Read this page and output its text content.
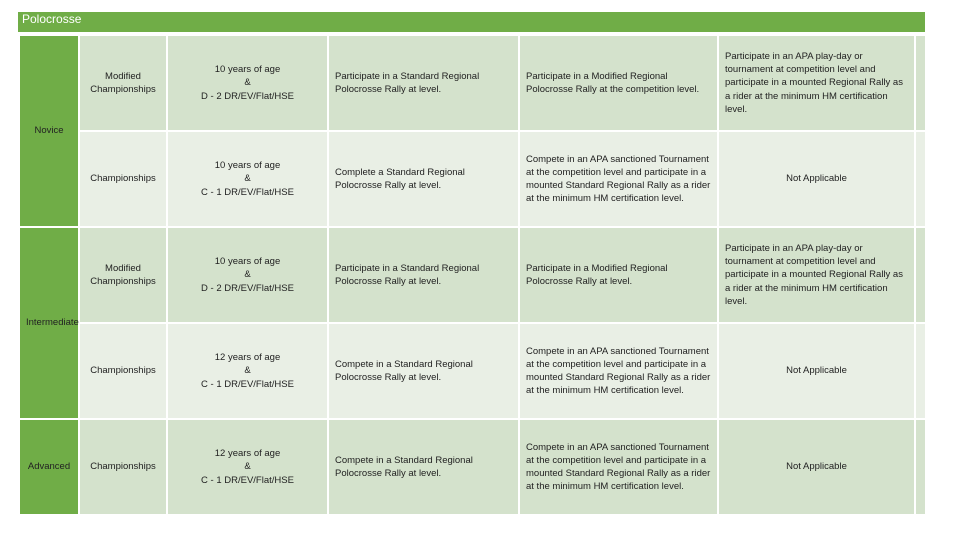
Polocrosse
Novice	Modified Championships	10 years of age
&
D - 2 DR/EV/Flat/HSE	Participate in a Standard Regional Polocrosse Rally at level.	Participate in a Modified Regional Polocrosse Rally at the competition level.	Participate in an APA play-day or tournament at competition level and participate in a mounted Regional Rally as a rider at the minimum HM certification level.	
	Championships	10 years of age
&
C - 1 DR/EV/Flat/HSE	Complete a Standard Regional Polocrosse Rally at level.	Compete in an APA sanctioned Tournament at the competition level and participate in a mounted Standard Regional Rally as a rider at the minimum HM certification level.	Not Applicable	
Intermediate	Modified Championships	10 years of age
&
D - 2 DR/EV/Flat/HSE	Participate in a Standard Regional Polocrosse Rally at level.	Participate in a Modified Regional Polocrosse Rally at level.	Participate in an APA play-day or tournament at competition level and participate in a mounted Regional Rally as a rider at the minimum HM certification level.	
	Championships	12 years of age
&
C - 1 DR/EV/Flat/HSE	Compete in a Standard Regional Polocrosse Rally at level.	Compete in an APA sanctioned Tournament at the competition level and participate in a mounted Standard Regional Rally as a rider at the minimum HM certification level.	Not Applicable	
Advanced	Championships	12 years of age
&
C - 1 DR/EV/Flat/HSE	Compete in a Standard Regional Polocrosse Rally at level.	Compete in an APA sanctioned Tournament at the competition level and participate in a mounted Standard Regional Rally as a rider at the minimum HM certification level.	Not Applicable	
